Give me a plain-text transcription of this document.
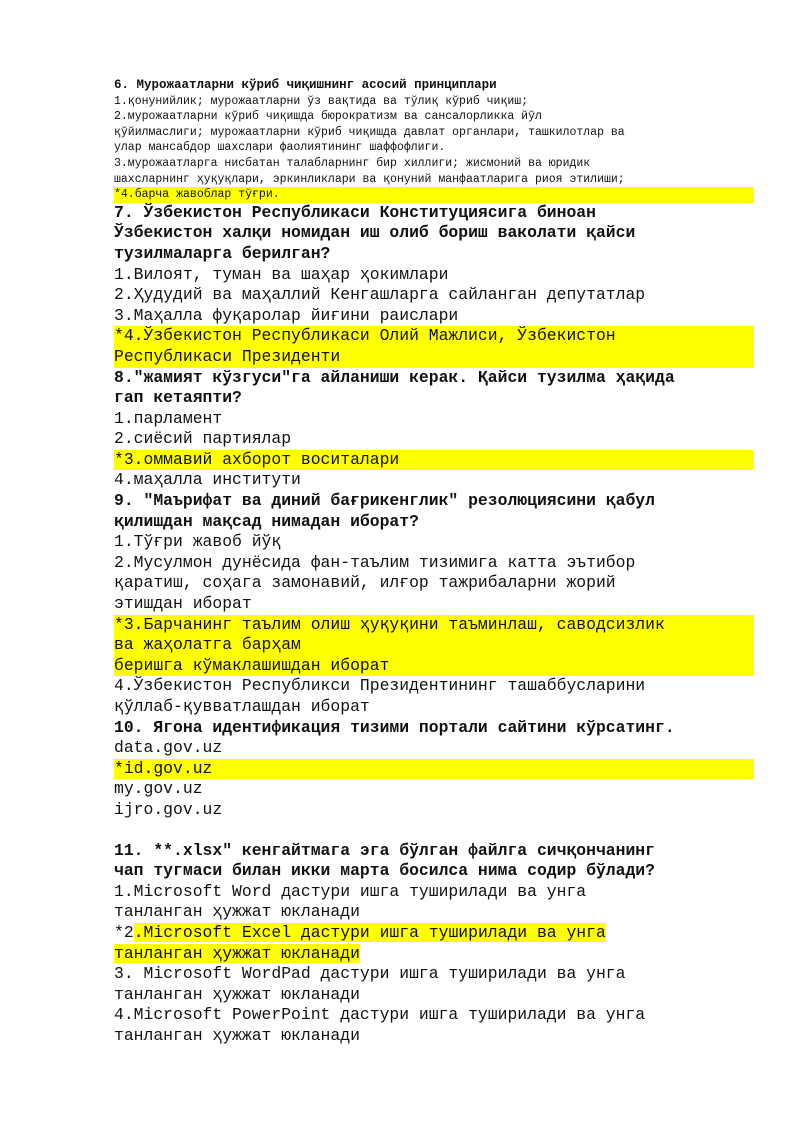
6. Мурожаатларни кўриб чиқишнинг асосий принциплари
1.қонунийлик; мурожаатларни ўз вақтида ва тўлиқ кўриб чиқиш;
2.мурожаатларни кўриб чиқишда бюрократизм ва сансалорликка йўл
қўйилмаслиги; мурожаатларни кўриб чиқишда давлат органлари, ташкилотлар ва
улар мансабдор шахслари фаолиятининг шаффофлиги.
3.мурожаатларга нисбатан талабларнинг бир хиллиги; жисмоний ва юридик
шахсларнинг ҳуқуқлари, эркинликлари ва қонуний манфаатларига риоя этилиши;
*4.барча жавоблар тўғри.
7. Ўзбекистон Республикаси Конституциясига биноан
Ўзбекистон халқи номидан иш олиб бориш ваколати қайси
тузилмаларга берилган?
1.Вилоят, туман ва шаҳар ҳокимлари
2.Ҳудудий ва маҳаллий Кенгашларга сайланган депутатлар
3.Маҳалла фуқаролар йиғини раислари
*4.Ўзбекистон Республикаси Олий Мажлиси, Ўзбекистон
Республикаси Президенти
8."жамият кўзгуси"га айланиши керак. Қайси тузилма ҳақида
гап кетаяпти?
1.парламент
2.сиёсий партиялар
*3.оммавий ахборот воситалари
4.маҳалла институти
9. "Маърифат ва диний бағрикенглик" резолюциясини қабул
қилишдан мақсад нимадан иборат?
1.Тўғри жавоб йўқ
2.Мусулмон дунёсида фан-таълим тизимига катта эътибор
қаратиш, соҳага замонавий, илғор тажрибаларни жорий
этишдан иборат
*3.Барчанинг таълим олиш ҳуқуқини таъминлаш, саводсизлик
ва жаҳолатга барҳам
беришга кўмаклашишдан иборат
4.Ўзбекистон Республикси Президентининг ташаббусларини
қўллаб-қувватлашдан иборат
10. Ягона идентификация тизими портали сайтини кўрсатинг.
data.gov.uz
*id.gov.uz
my.gov.uz
ijro.gov.uz
11. **.xlsx" кенгайтмага эга бўлган файлга сичқончанинг
чап тугмаси билан икки марта босилса нима содир бўлади?
1.Microsoft Word дастури ишга туширилади ва унга
танланган ҳужжат юкланади
*2.Microsoft Excel дастури ишга туширилади ва унга
танланган ҳужжат юкланади
3. Microsoft WordPad дастури ишга туширилади ва унга
танланган ҳужжат юкланади
4.Microsoft PowerPoint дастури ишга туширилади ва унга
танланган ҳужжат юкланади
